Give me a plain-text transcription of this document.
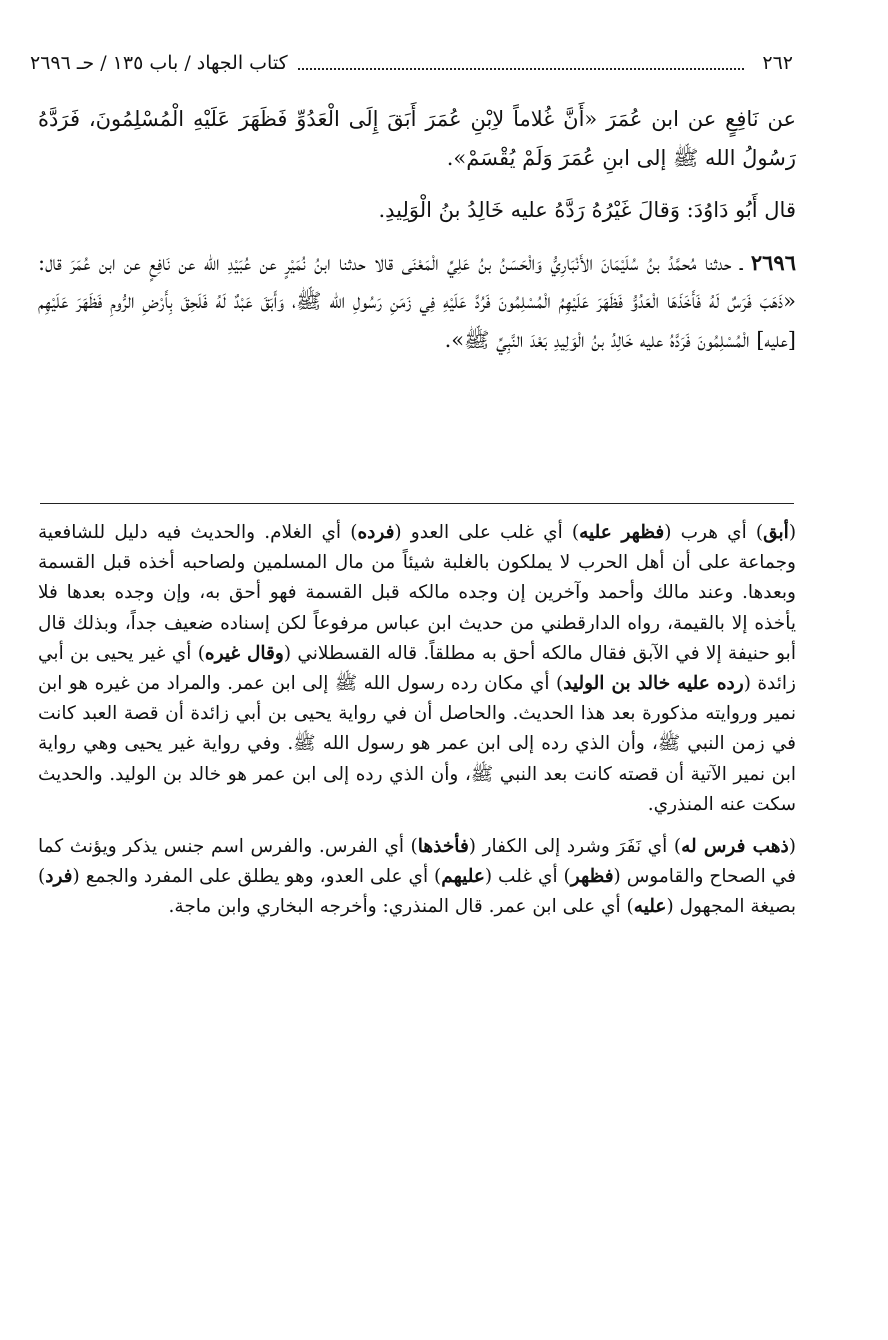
٢٦٢
كتاب الجهاد / باب ١٣٥ / حـ ٢٦٩٦

عن نَافِعٍ عن ابن عُمَرَ «أَنَّ غُلاماً لاِبْنِ عُمَرَ أَبَقَ إِلَى الْعَدُوِّ فَظَهَرَ عَلَيْهِ الْمُسْلِمُونَ، فَرَدَّهُ رَسُولُ الله ﷺ إلى ابنِ عُمَرَ وَلَمْ يُقْسَمْ».

قال أَبُو دَاوُدَ: وَقالَ غَيْرُهُ رَدَّهُ عليه خَالِدُ بنُ الْوَلِيدِ.

٢٦٩٦ ـ حدثنا مُحمَّدُ بنُ سُلَيْمَانَ الأَنْبَارِيُّ وَالْحَسَنُ بنُ عَلِيِّ الْمَعْنَى قالا حدثنا ابنُ نُمَيْرٍ عن عُبَيْدِ الله عن نَافِعٍ عن ابن عُمَرَ قال: «ذَهَبَ فَرَسٌ لَهُ فَأَخَذَهَا الْعَدُوُّ فَظَهَرَ عَلَيْهِمُ الْمُسْلِمُونَ فَرُدَّ عَلَيْهِ فِي زَمَنِ رَسُولِ الله ﷺ، وَأَبَقَ عَبْدٌ لَهُ فَلَحِقَ بِأَرْضِ الرُّومِ فَظَهَرَ عَلَيْهِم [عليه] الْمُسْلِمُونَ فَرَدَّهُ عليه خَالِدُ بنُ الْوَلِيدِ بَعْدَ النَّبِيِّ ﷺ».

(أبق) أي هرب (فظهر عليه) أي غلب على العدو (فرده) أي الغلام. والحديث فيه دليل للشافعية وجماعة على أن أهل الحرب لا يملكون بالغلبة شيئاً من مال المسلمين ولصاحبه أخذه قبل القسمة وبعدها. وعند مالك وأحمد وآخرين إن وجده مالكه قبل القسمة فهو أحق به، وإن وجده بعدها فلا يأخذه إلا بالقيمة، رواه الدارقطني من حديث ابن عباس مرفوعاً لكن إسناده ضعيف جداً، وبذلك قال أبو حنيفة إلا في الآبق فقال مالكه أحق به مطلقاً. قاله القسطلاني (وقال غيره) أي غير يحيى بن أبي زائدة (رده عليه خالد بن الوليد) أي مكان رده رسول الله ﷺ إلى ابن عمر. والمراد من غيره هو ابن نمير وروايته مذكورة بعد هذا الحديث. والحاصل أن في رواية يحيى بن أبي زائدة أن قصة العبد كانت في زمن النبي ﷺ، وأن الذي رده إلى ابن عمر هو رسول الله ﷺ. وفي رواية غير يحيى وهي رواية ابن نمير الآتية أن قصته كانت بعد النبي ﷺ، وأن الذي رده إلى ابن عمر هو خالد بن الوليد. والحديث سكت عنه المنذري.

(ذهب فرس له) أي نَفَرَ وشرد إلى الكفار (فأخذها) أي الفرس. والفرس اسم جنس يذكر ويؤنث كما في الصحاح والقاموس (فظهر) أي غلب (عليهم) أي على العدو، وهو يطلق على المفرد والجمع (فرد) بصيغة المجهول (عليه) أي على ابن عمر. قال المنذري: وأخرجه البخاري وابن ماجة.
